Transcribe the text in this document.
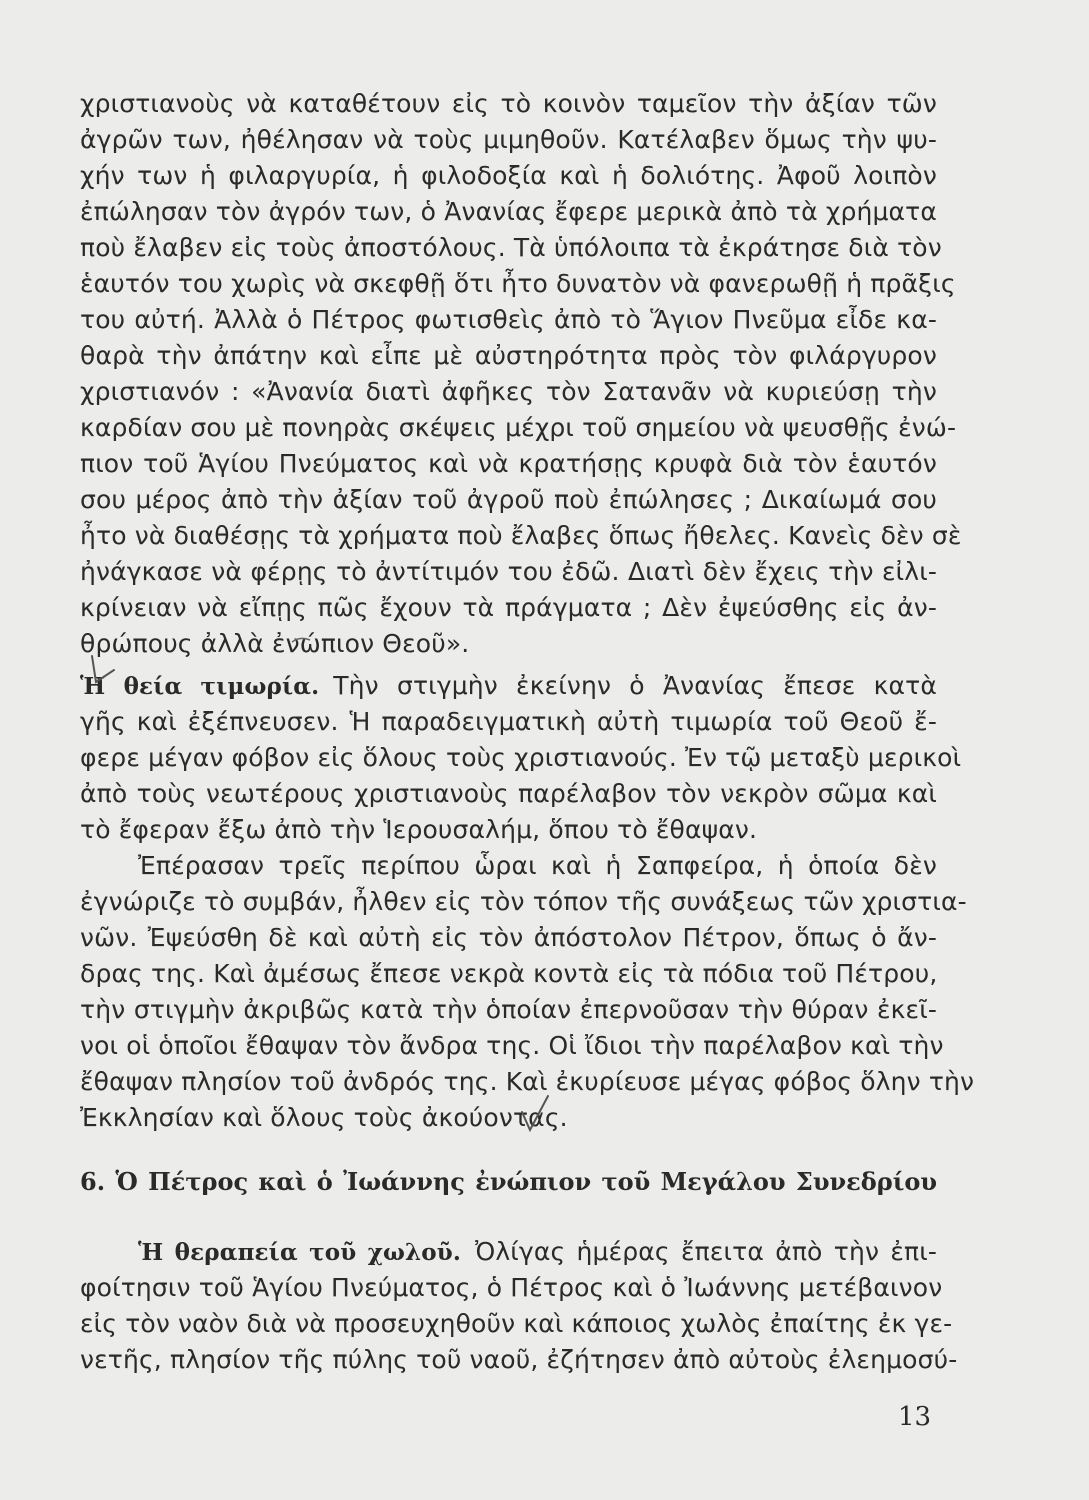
χριστιανοὺς νὰ καταθέτουν εἰς τὸ κοινὸν ταμεῖον τὴν ἀξίαν τῶν
ἀγρῶν των, ἠθέλησαν νὰ τοὺς μιμηθοῦν. Κατέλαβεν ὅμως τὴν ψυ-
χήν των ἡ φιλαργυρία, ἡ φιλοδοξία καὶ ἡ δολιότης. Ἀφοῦ λοιπὸν
ἐπώλησαν τὸν ἀγρόν των, ὁ Ἀνανίας ἔφερε μερικὰ ἀπὸ τὰ χρήματα
ποὺ ἔλαβεν εἰς τοὺς ἀποστόλους. Τὰ ὑπόλοιπα τὰ ἐκράτησε διὰ τὸν
ἑαυτόν του χωρὶς νὰ σκεφθῇ ὅτι ἦτο δυνατὸν νὰ φανερωθῇ ἡ πρᾶξις
του αὐτή. Ἀλλὰ ὁ Πέτρος φωτισθεὶς ἀπὸ τὸ Ἅγιον Πνεῦμα εἶδε κα-
θαρὰ τὴν ἀπάτην καὶ εἶπε μὲ αὐστηρότητα πρὸς τὸν φιλάργυρον
χριστιανόν : «Ἀνανία διατὶ ἀφῆκες τὸν Σατανᾶν νὰ κυριεύσῃ τὴν
καρδίαν σου μὲ πονηρὰς σκέψεις μέχρι τοῦ σημείου νὰ ψευσθῇς ἐνώ-
πιον τοῦ Ἁγίου Πνεύματος καὶ νὰ κρατήσῃς κρυφὰ διὰ τὸν ἑαυτόν
σου μέρος ἀπὸ τὴν ἀξίαν τοῦ ἀγροῦ ποὺ ἐπώλησες ; Δικαίωμά σου
ἦτο νὰ διαθέσῃς τὰ χρήματα ποὺ ἔλαβες ὅπως ἤθελες. Κανεὶς δὲν σὲ
ἠνάγκασε νὰ φέρῃς τὸ ἀντίτιμόν του ἐδῶ. Διατὶ δὲν ἔχεις τὴν εἰλι-
κρίνειαν νὰ εἴπῃς πῶς ἔχουν τὰ πράγματα ; Δὲν ἐψεύσθης εἰς ἀν-
θρώπους ἀλλὰ ἐνώπιον Θεοῦ».
Ἡ θεία τιμωρία. Τὴν στιγμὴν ἐκείνην ὁ Ἀνανίας ἔπεσε κατὰ
γῆς καὶ ἐξέπνευσεν. Ἡ παραδειγματικὴ αὐτὴ τιμωρία τοῦ Θεοῦ ἔ-
φερε μέγαν φόβον εἰς ὅλους τοὺς χριστιανούς. Ἐν τῷ μεταξὺ μερικοὶ
ἀπὸ τοὺς νεωτέρους χριστιανοὺς παρέλαβον τὸν νεκρὸν σῶμα καὶ
τὸ ἔφεραν ἔξω ἀπὸ τὴν Ἱερουσαλήμ, ὅπου τὸ ἔθαψαν.
Ἐπέρασαν τρεῖς περίπου ὧραι καὶ ἡ Σαπφείρα, ἡ ὁποία δὲν
ἐγνώριζε τὸ συμβάν, ἦλθεν εἰς τὸν τόπον τῆς συνάξεως τῶν χριστια-
νῶν. Ἐψεύσθη δὲ καὶ αὐτὴ εἰς τὸν ἀπόστολον Πέτρον, ὅπως ὁ ἄν-
δρας της. Καὶ ἀμέσως ἔπεσε νεκρὰ κοντὰ εἰς τὰ πόδια τοῦ Πέτρου,
τὴν στιγμὴν ἀκριβῶς κατὰ τὴν ὁποίαν ἐπερνοῦσαν τὴν θύραν ἐκεῖ-
νοι οἱ ὁποῖοι ἔθαψαν τὸν ἄνδρα της. Οἱ ἴδιοι τὴν παρέλαβον καὶ τὴν
ἔθαψαν πλησίον τοῦ ἀνδρός της. Καὶ ἐκυρίευσε μέγας φόβος ὅλην τὴν
Ἐκκλησίαν καὶ ὅλους τοὺς ἀκούοντας.
Ἡ θεραπεία τοῦ χωλοῦ. Ὀλίγας ἡμέρας ἔπειτα ἀπὸ τὴν ἐπι-
φοίτησιν τοῦ Ἁγίου Πνεύματος, ὁ Πέτρος καὶ ὁ Ἰωάννης μετέβαινον
εἰς τὸν ναὸν διὰ νὰ προσευχηθοῦν καὶ κάποιος χωλὸς ἐπαίτης ἐκ γε-
νετῆς, πλησίον τῆς πύλης τοῦ ναοῦ, ἐζήτησεν ἀπὸ αὐτοὺς ἐλεημοσύ-
6. Ὁ Πέτρος καὶ ὁ Ἰωάννης ἐνώπιον τοῦ Μεγάλου Συνεδρίου
13
